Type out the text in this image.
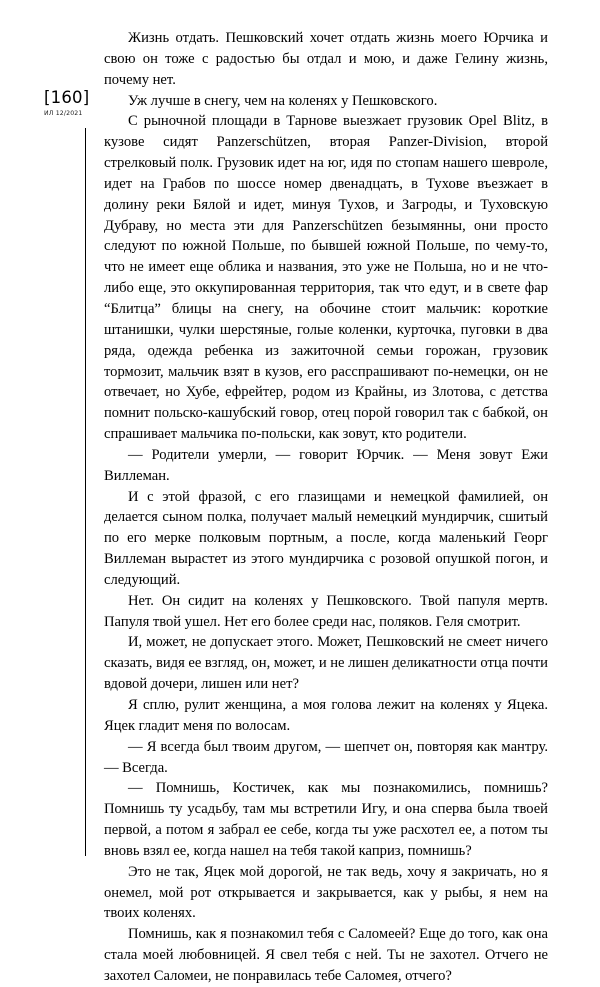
[160]
ИЛ 12/2021

Жизнь отдать. Пешковский хочет отдать жизнь моего Юрчика и свою он тоже с радостью бы отдал и мою, и даже Гелину жизнь, почему нет.

Уж лучше в снегу, чем на коленях у Пешковского.

С рыночной площади в Тарнове выезжает грузовик Opel Blitz, в кузове сидят Panzerschützen, вторая Panzer-Division, второй стрелковый полк. Грузовик идет на юг, идя по стопам нашего шевроле, идет на Грабов по шоссе номер двенадцать, в Тухове въезжает в долину реки Бялой и идет, минуя Тухов, и Загроды, и Туховскую Дубраву, но места эти для Panzerschützen безымянны, они просто следуют по южной Польше, по бывшей южной Польше, по чему-то, что не имеет еще облика и названия, это уже не Польша, но и не что-либо еще, это оккупированная территория, так что едут, и в свете фар “Блитца” блицы на снегу, на обочине стоит мальчик: короткие штанишки, чулки шерстяные, голые коленки, курточка, пуговки в два ряда, одежда ребенка из зажиточной семьи горожан, грузовик тормозит, мальчик взят в кузов, его расспрашивают по-немецки, он не отвечает, но Хубе, ефрейтер, родом из Крайны, из Злотова, с детства помнит польско-кашубский говор, отец порой говорил так с бабкой, он спрашивает мальчика по-польски, как зовут, кто родители.

— Родители умерли, — говорит Юрчик. — Меня зовут Ежи Виллеман.

И с этой фразой, с его глазищами и немецкой фамилией, он делается сыном полка, получает малый немецкий мундирчик, сшитый по его мерке полковым портным, а после, когда маленький Георг Виллеман вырастет из этого мундирчика с розовой опушкой погон, и следующий.

Нет. Он сидит на коленях у Пешковского. Твой папуля мертв. Папуля твой ушел. Нет его более среди нас, поляков. Геля смотрит.

И, может, не допускает этого. Может, Пешковский не смеет ничего сказать, видя ее взгляд, он, может, и не лишен деликатности отца почти вдовой дочери, лишен или нет?

Я сплю, рулит женщина, а моя голова лежит на коленях у Яцека. Яцек гладит меня по волосам.

— Я всегда был твоим другом, — шепчет он, повторяя как мантру. — Всегда.

— Помнишь, Костичек, как мы познакомились, помнишь? Помнишь ту усадьбу, там мы встретили Игу, и она сперва была твоей первой, а потом я забрал ее себе, когда ты уже расхотел ее, а потом ты вновь взял ее, когда нашел на тебя такой каприз, помнишь?

Это не так, Яцек мой дорогой, не так ведь, хочу я закричать, но я онемел, мой рот открывается и закрывается, как у рыбы, я нем на твоих коленях.

Помнишь, как я познакомил тебя с Саломеей? Еще до того, как она стала моей любовницей. Я свел тебя с ней. Ты не захотел. Отчего не захотел Саломеи, не понравилась тебе Саломея, отчего?
